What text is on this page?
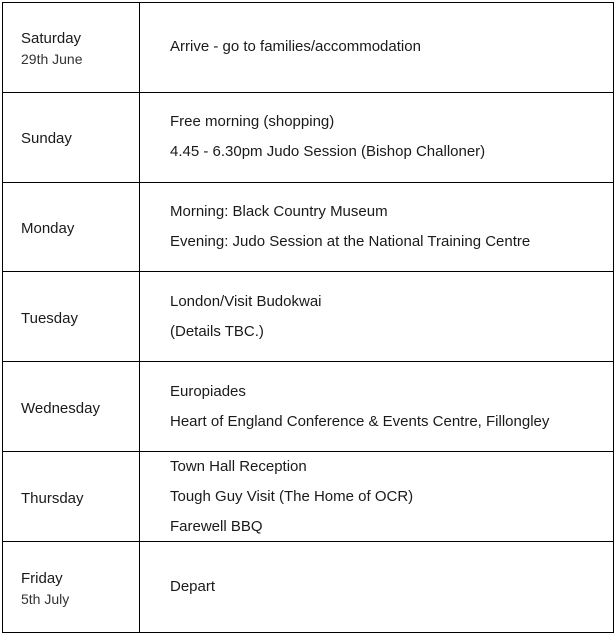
Saturday
29th June
Arrive - go to families/accommodation
Sunday
Free morning (shopping)
4.45 - 6.30pm Judo Session (Bishop Challoner)
Monday
Morning: Black Country Museum
Evening: Judo Session at the National Training Centre
Tuesday
London/Visit Budokwai
(Details TBC.)
Wednesday
Europiades
Heart of England Conference & Events Centre, Fillongley
Thursday
Town Hall Reception
Tough Guy Visit (The Home of OCR)
Farewell BBQ
Friday
5th July
Depart
